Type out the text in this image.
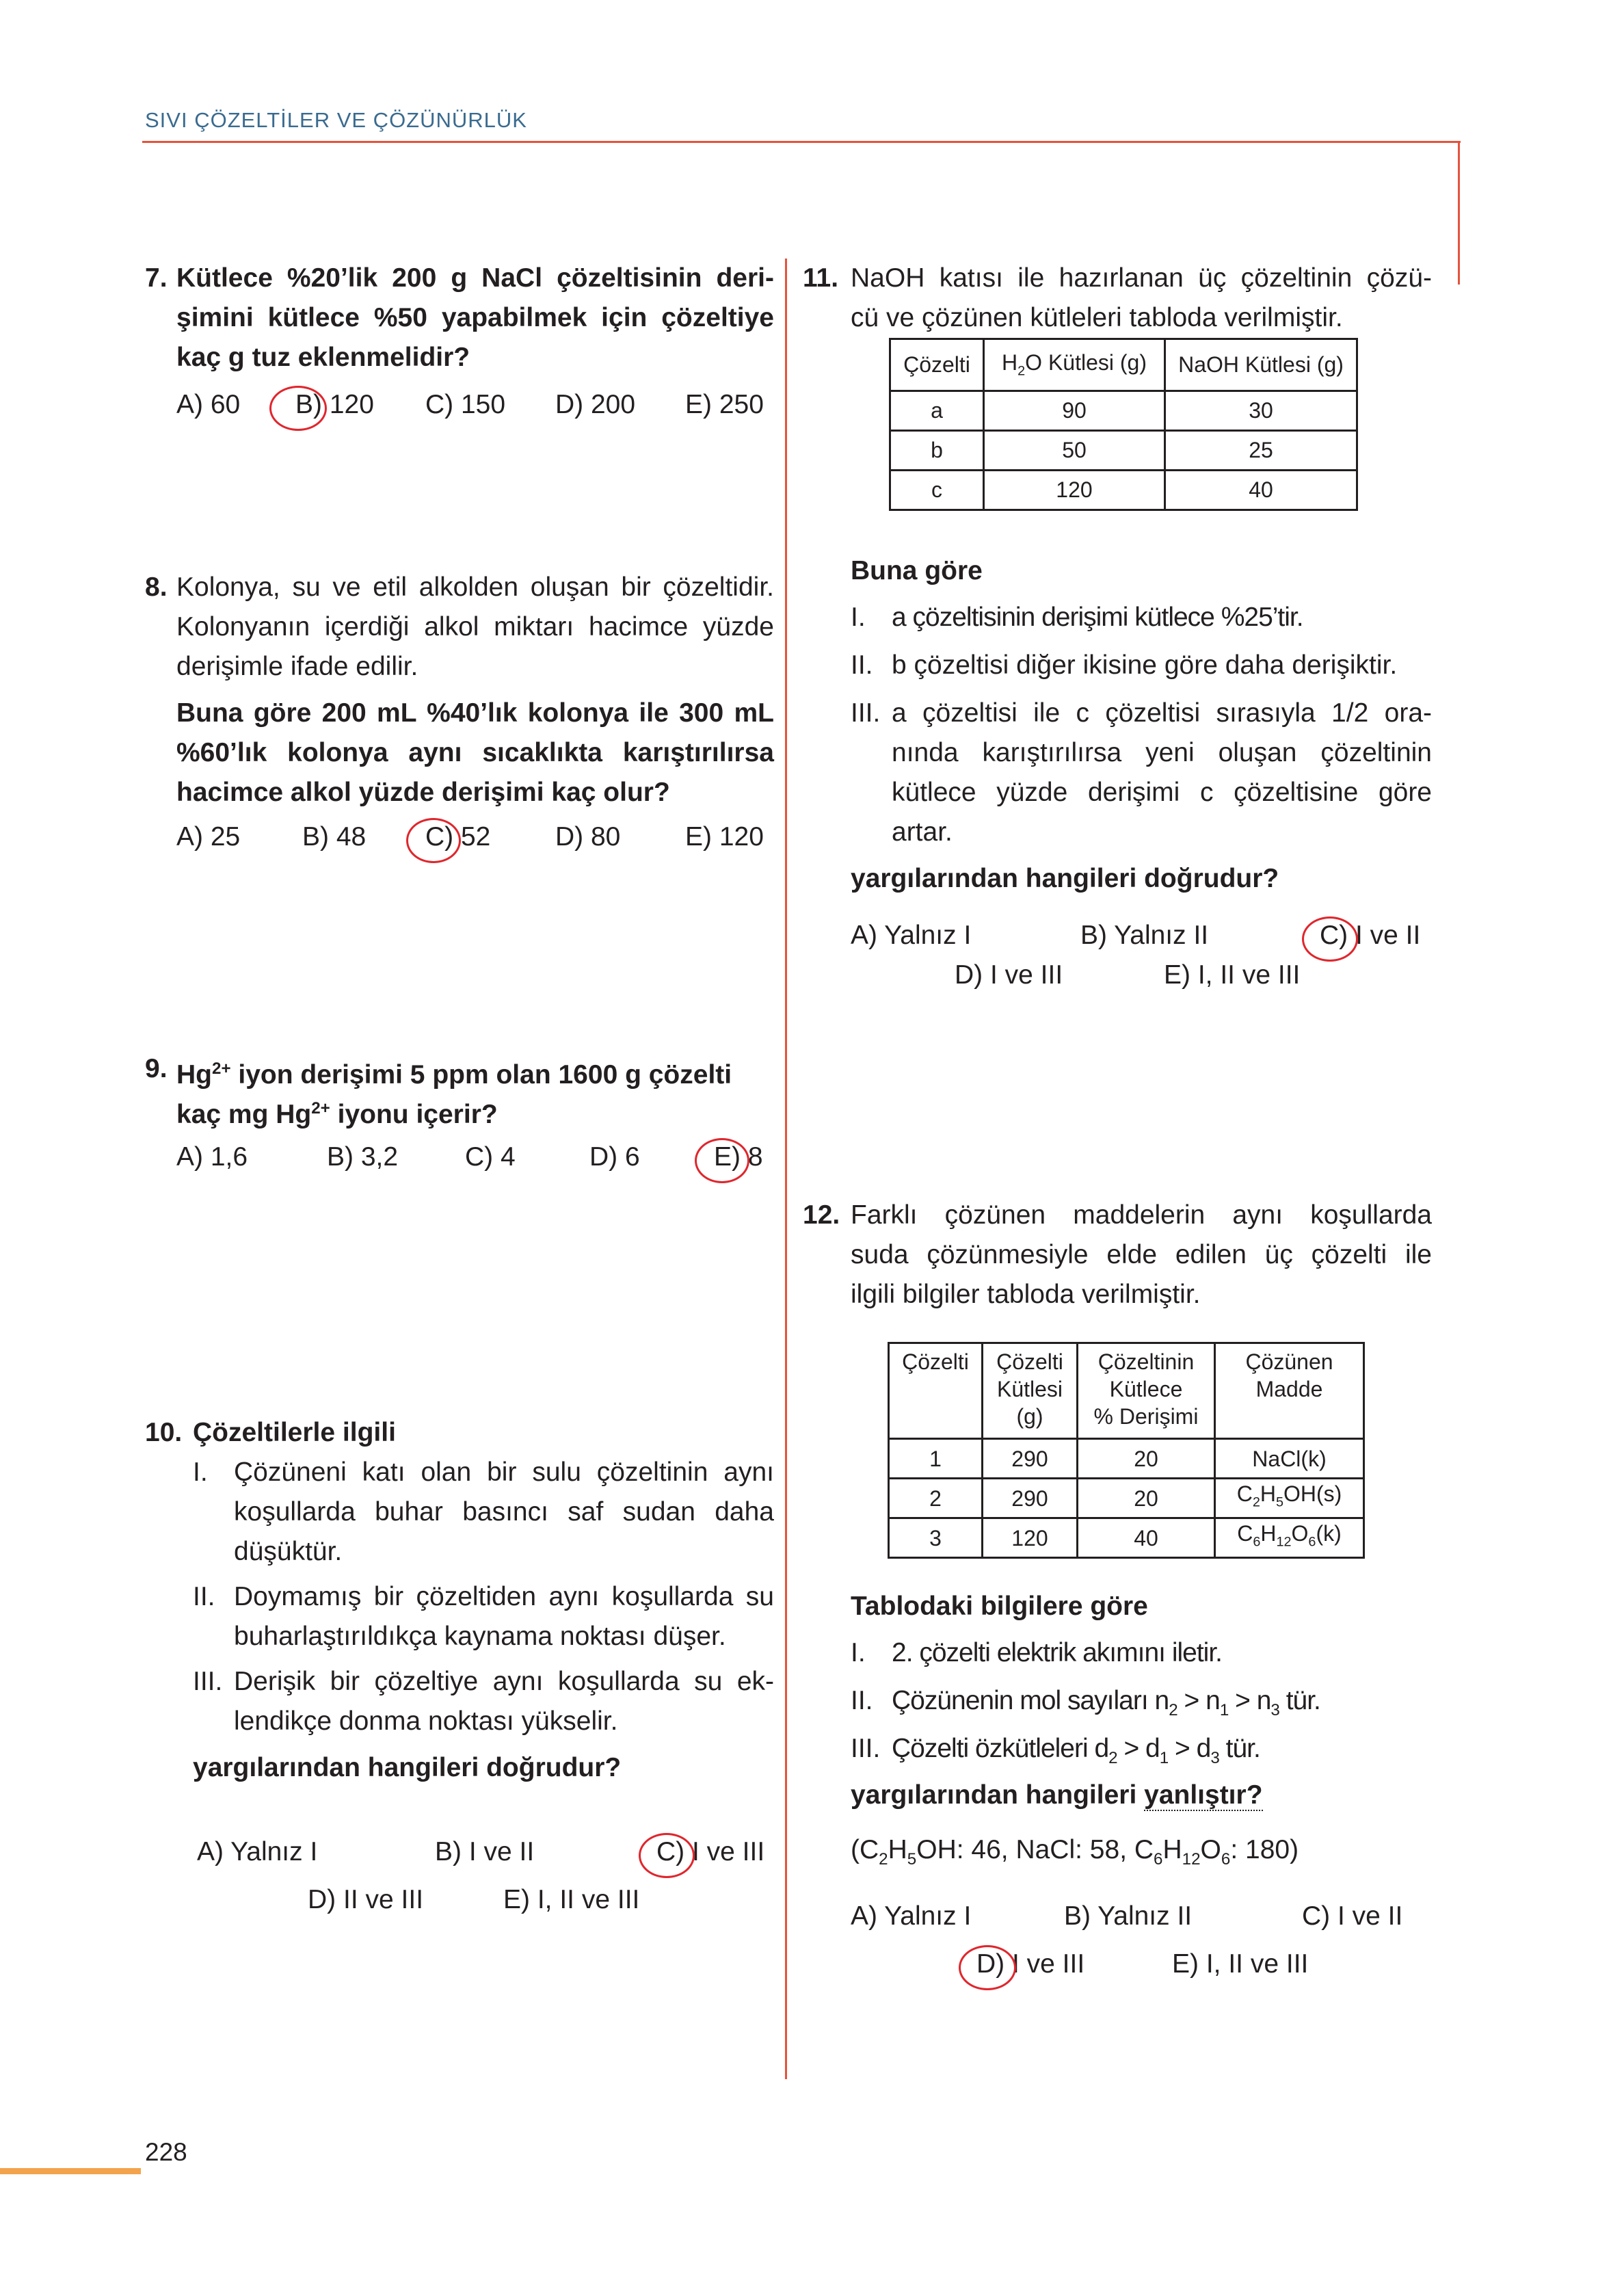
SIVI ÇÖZELTİLER VE ÇÖZÜNÜRLÜK
228
7. Kütlece %20’lik 200 g NaCl çözeltisinin deri-
şimini kütlece %50 yapabilmek için çözeltiye
kaç g tuz eklenmelidir?
A) 60 B) 120 C) 150 D) 200 E) 250
8. Kolonya, su ve etil alkolden oluşan bir çözeltidir.
Kolonyanın içerdiği alkol miktarı hacimce yüzde
derişimle ifade edilir.
Buna göre 200 mL %40’lık kolonya ile 300 mL
%60’lık kolonya aynı sıcaklıkta karıştırılırsa
hacimce alkol yüzde derişimi kaç olur?
A) 25 B) 48 C) 52 D) 80 E) 120
9. $Hg^{2+}$ iyon derişimi 5 ppm olan 1600 g çözelti
kaç mg $Hg^{2+}$ iyonu içerir?
A) 1,6	B) 3,2	C) 4	D) 6	E) 8
10. Çözeltilerle ilgili
I. Çözüneni katı olan bir sulu çözeltinin aynı
koşullarda buhar basıncı saf sudan daha
düşüktür.
II. Doymamış bir çözeltiden aynı koşullarda su
buharlaştırıldıkça kaynama noktası düşer.
III. Derişik bir çözeltiye aynı koşullarda su ek-
lendikçe donma noktası yükselir.
yargılarından hangileri doğrudur?
A) Yalnız I	B) I ve II	C) I ve III
D) II ve III	E) I, II ve III
11. NaOH katısı ile hazırlanan üç çözeltinin çözü-
cü ve çözünen kütleleri tabloda verilmiştir.
Çözelti	$H_2O$ Kütlesi (g)	NaOH Kütlesi (g)
a	90	30
b	50	25
c	120	40
Buna göre
I. a çözeltisinin derişimi kütlece %25’tir.
II. b çözeltisi diğer ikisine göre daha derişiktir.
III. a çözeltisi ile c çözeltisi sırasıyla 1/2 ora-
nında karıştırılırsa yeni oluşan çözeltinin
kütlece yüzde derişimi c çözeltisine göre
artar.
yargılarından hangileri doğrudur?
A) Yalnız I	B) Yalnız II	C) I ve II
D) I ve III	E) I, II ve III
12. Farklı çözünen maddelerin aynı koşullarda
suda çözünmesiyle elde edilen üç çözelti ile
ilgili bilgiler tabloda verilmiştir.
Çözelti	Çözelti
Kütlesi
(g)	Çözeltinin
Kütlece
% Derişimi	Çözünen
Madde
1	290	20	NaCl(k)
2	290	20	$C_2H_5OH(s)$
3	120	40	$C_6H_{12}O_6(k)$
Tablodaki bilgilere göre
I. 2. çözelti elektrik akımını iletir.
II. Çözünenin mol sayıları $n_2 > n_1 > n_3$ tür.
III. Çözelti özkütleleri $d_2 > d_1 > d_3$ tür.
yargılarından hangileri yanlıştır?
($C_2H_5OH$: 46, NaCl: 58, $C_6H_{12}O_6$: 180)
A) Yalnız I	B) Yalnız II	C) I ve II
D) I ve III	E) I, II ve III
